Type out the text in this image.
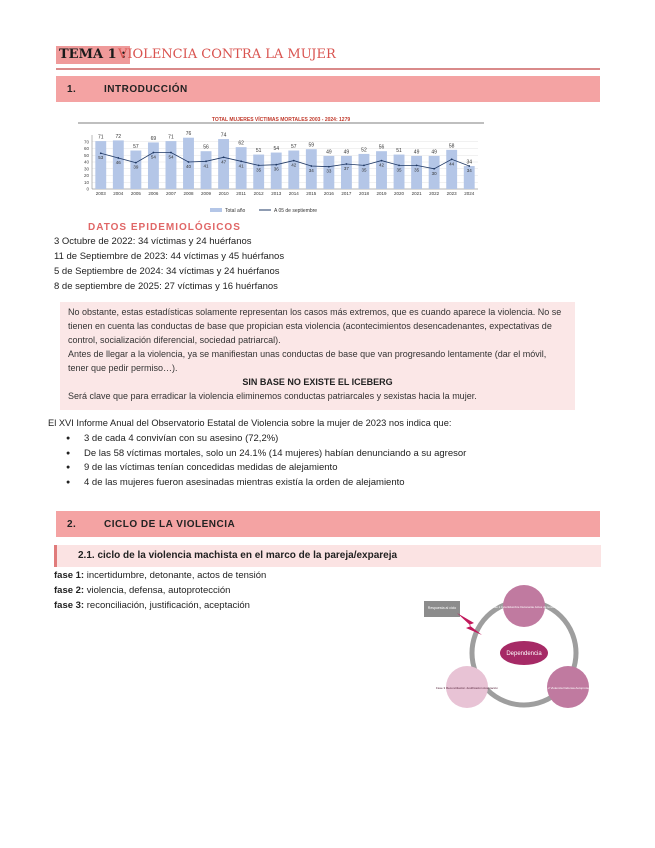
TEMA 1 :
VIOLENCIA CONTRA LA MUJER
1.	INTRODUCCIÓN
TOTAL MUJERES VÍCTIMAS MORTALES 2003 - 2024: 1279
0
10
20
30
40
50
60
70
71
2003
72
2004
57
2005
69
2006
71
2007
76
2008
56
2009
74
2010
62
2011
51
2012
54
2013
57
2014
59
2015
49
2016
49
2017
52
2018
56
2019
51
2020
49
2021
49
2022
58
2023
34
2024
53
46
39
54	54
40	41
47
41
35	36
42
34	33
37	35
42
35	35
30
44
34
Total año	A 05 de septiembre
DATOS EPIDEMIOLÓGICOS
3 Octubre de 2022: 34 víctimas y 24 huérfanos
11 de Septiembre de 2023: 44 víctimas y 45 huérfanos
5 de Septiembre de 2024: 34 víctimas y 24 huérfanos
8 de septiembre de 2025: 27 víctimas y 16 huérfanos

No obstante, estas estadísticas solamente representan los casos más extremos, que es cuando aparece la violencia. No se tienen en cuenta las conductas de base que propician esta violencia (acontecimientos desencadenantes, expectativas de control, socialización diferencial, sociedad patriarcal).

Antes de llegar a la violencia, ya se manifiestan unas conductas de base que van progresando lentamente (dar el móvil, tener que pedir permiso…).

SIN BASE NO EXISTE EL ICEBERG

Será clave que para erradicar la violencia eliminemos conductas patriarcales y sexistas hacia la mujer.

El XVI Informe Anual del Observatorio Estatal de Violencia sobre la mujer de 2023 nos indica que:
● 3 de cada 4 convivían con su asesino (72,2%)
● De las 58 víctimas mortales, solo un 24.1% (14 mujeres) habían denunciando a su agresor
● 9 de las víctimas tenían concedidas medidas de alejamiento
● 4 de las mujeres fueron asesinadas mientras existía la orden de alejamiento
2.	CICLO DE LA VIOLENCIA
2.1. ciclo de la violencia machista en el marco de la pareja/expareja
fase 1: incertidumbre, detonante, actos de tensión
fase 2: violencia, defensa, autoprotección
fase 3: reconciliación, justificación, aceptación	Respuesta al ciclo
Dependencia
Fase 1 Incertidumbre Detonante Actos de tensión
Fase 2 Violencia Defensa Autoprotección
Fase 3 Reconciliación Justificación Aceptación
